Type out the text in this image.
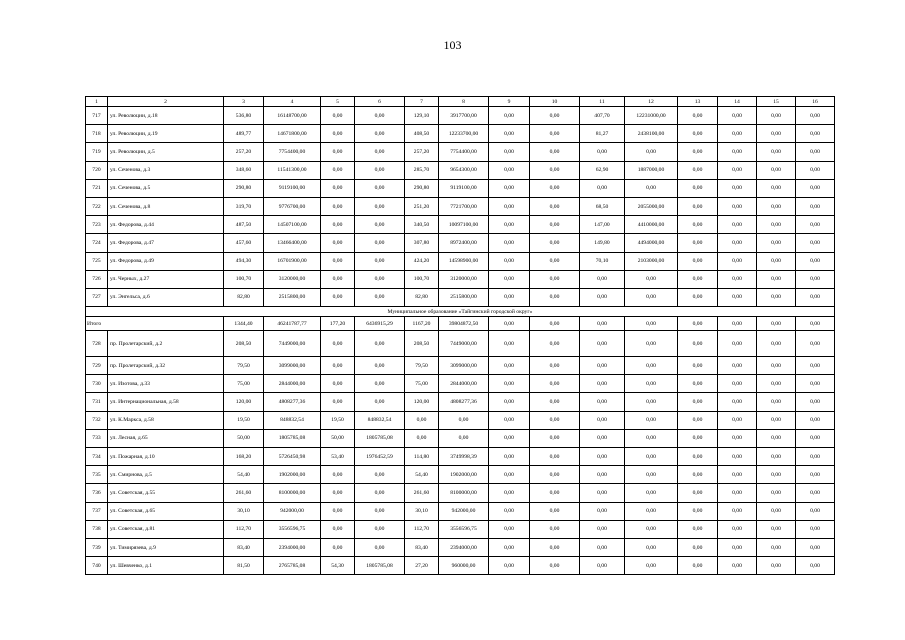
103
1	2	3	4	5	6	7	8	9	10	11	12	13	14	15	16
717	ул. Революции, д.18	536,80	16148700,00	0,00	0,00	129,10	3917700,00	0,00	0,00	407,70	12231000,00	0,00	0,00	0,00	0,00
718	ул. Революции, д.19	489,77	14671800,00	0,00	0,00	408,50	12233700,00	0,00	0,00	81,27	2438100,00	0,00	0,00	0,00	0,00
719	ул. Революции, д.5	257,20	7754400,00	0,00	0,00	257,20	7754400,00	0,00	0,00	0,00	0,00	0,00	0,00	0,00	0,00
720	ул. Сеченова, д.3	348,60	11541300,00	0,00	0,00	285,70	9654300,00	0,00	0,00	62,90	1887000,00	0,00	0,00	0,00	0,00
721	ул. Сеченова, д.5	290,80	9119100,00	0,00	0,00	290,80	9119100,00	0,00	0,00	0,00	0,00	0,00	0,00	0,00	0,00
722	ул. Сеченова, д.8	319,70	9776700,00	0,00	0,00	251,20	7721700,00	0,00	0,00	68,50	2055000,00	0,00	0,00	0,00	0,00
723	ул. Федорова, д.44	487,50	14507100,00	0,00	0,00	340,50	10097100,00	0,00	0,00	147,00	4410000,00	0,00	0,00	0,00	0,00
724	ул. Федорова, д.47	457,60	13466400,00	0,00	0,00	307,80	8972400,00	0,00	0,00	149,80	4494000,00	0,00	0,00	0,00	0,00
725	ул. Федорова, д.49	494,30	16701900,00	0,00	0,00	424,20	14598900,00	0,00	0,00	70,10	2103000,00	0,00	0,00	0,00	0,00
726	ул. Черных, д.27	100,70	3120000,00	0,00	0,00	100,70	3120000,00	0,00	0,00	0,00	0,00	0,00	0,00	0,00	0,00
727	ул. Энгельса, д.6	82,80	2515800,00	0,00	0,00	82,80	2515800,00	0,00	0,00	0,00	0,00	0,00	0,00	0,00	0,00
Муниципальное образование «Тайгинский городской округ»															
Итого		1344,40	46241787,77	177,20	6436915,29	1167,20	39804872,50	0,00	0,00	0,00	0,00	0,00	0,00	0,00	0,00
728	пр. Пролетарский, д.2	208,50	7449000,00	0,00	0,00	208,50	7449000,00	0,00	0,00	0,00	0,00	0,00	0,00	0,00	0,00
729	пр. Пролетарский, д.32	79,50	3099000,00	0,00	0,00	79,50	3099000,00	0,00	0,00	0,00	0,00	0,00	0,00	0,00	0,00
730	ул. Изотова, д.33	75,00	2844000,00	0,00	0,00	75,00	2844000,00	0,00	0,00	0,00	0,00	0,00	0,00	0,00	0,00
731	ул. Интернациональная, д.58	120,00	4808277,36	0,00	0,00	120,00	4808277,36	0,00	0,00	0,00	0,00	0,00	0,00	0,00	0,00
732	ул. К.Маркса, д.58	19,50	848832,54	19,50	848832,54	0,00	0,00	0,00	0,00	0,00	0,00	0,00	0,00	0,00	0,00
733	ул. Лесная, д.65	50,00	1805785,08	50,00	1805785,08	0,00	0,00	0,00	0,00	0,00	0,00	0,00	0,00	0,00	0,00
734	ул. Пожарная, д.10	168,20	5726450,98	53,40	1976452,59	114,80	3749998,39	0,00	0,00	0,00	0,00	0,00	0,00	0,00	0,00
735	ул. Смирнова, д.5	54,40	1902000,00	0,00	0,00	54,40	1902000,00	0,00	0,00	0,00	0,00	0,00	0,00	0,00	0,00
736	ул. Советская, д.55	261,60	8100000,00	0,00	0,00	261,60	8100000,00	0,00	0,00	0,00	0,00	0,00	0,00	0,00	0,00
737	ул. Советская, д.65	30,10	942000,00	0,00	0,00	30,10	942000,00	0,00	0,00	0,00	0,00	0,00	0,00	0,00	0,00
738	ул. Советская, д.81	112,70	3556596,75	0,00	0,00	112,70	3556596,75	0,00	0,00	0,00	0,00	0,00	0,00	0,00	0,00
739	ул. Тимирязева, д.9	83,40	2394000,00	0,00	0,00	83,40	2394000,00	0,00	0,00	0,00	0,00	0,00	0,00	0,00	0,00
740	ул. Шевченко, д.1	81,50	2765785,08	54,30	1805785,08	27,20	960000,00	0,00	0,00	0,00	0,00	0,00	0,00	0,00	0,00
